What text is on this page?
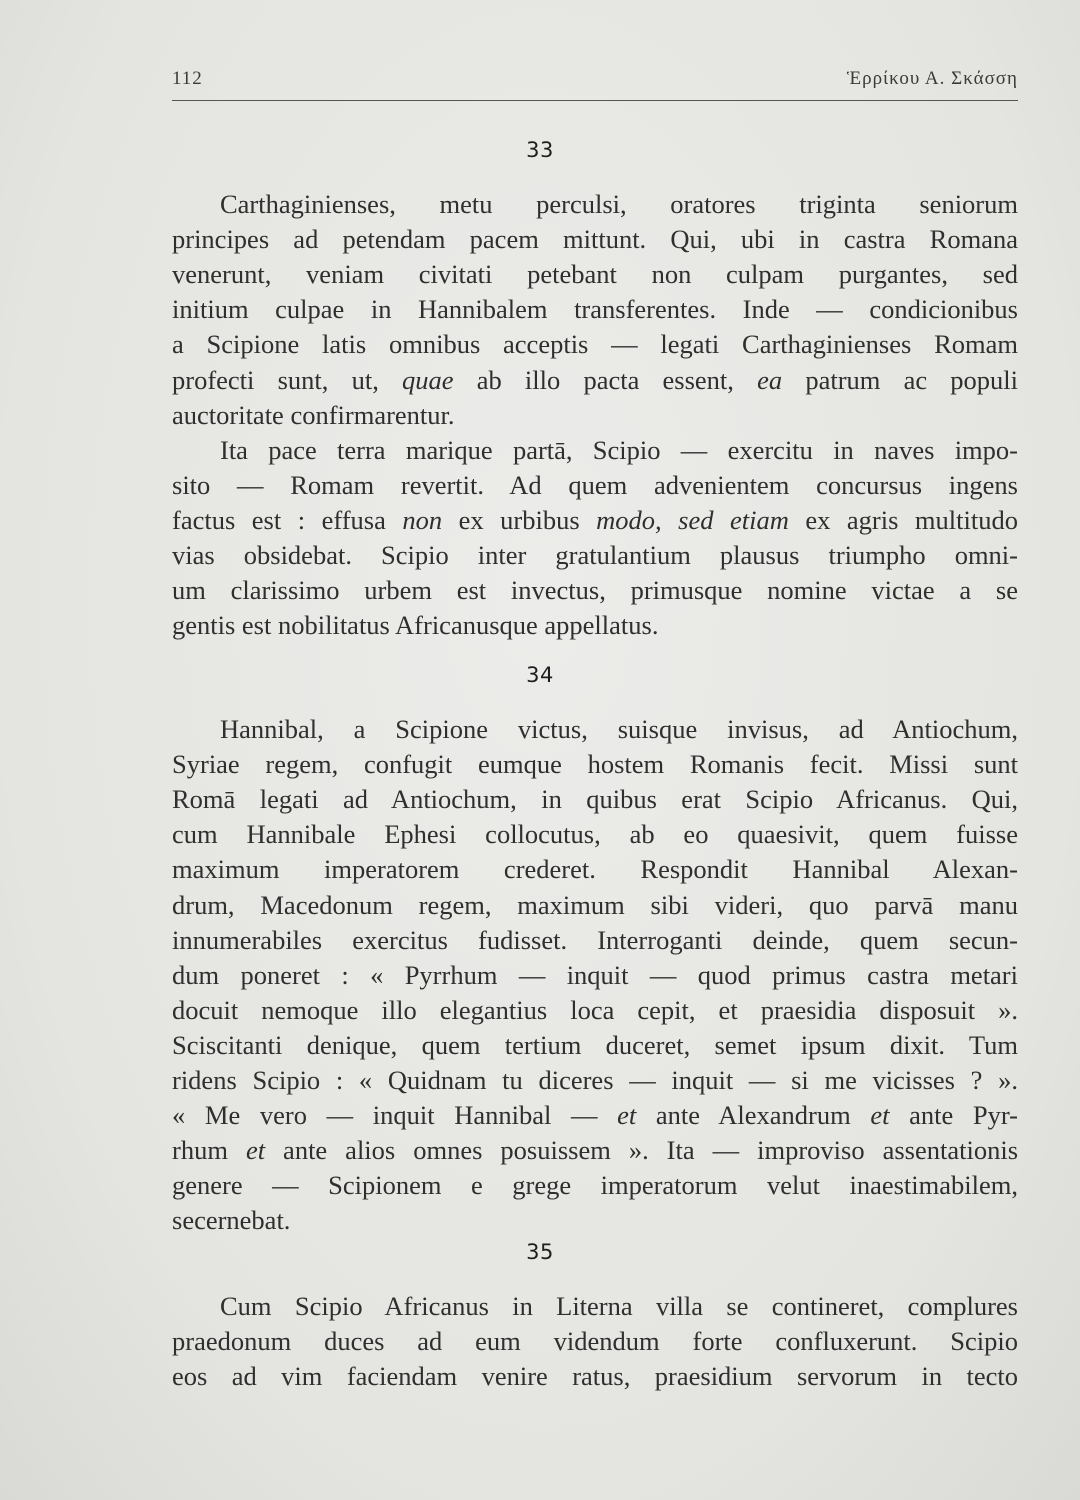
112	Ἑρρίκου Α. Σκάσση
33
Carthaginienses, metu perculsi, oratores triginta seniorum
principes ad petendam pacem mittunt. Qui, ubi in castra Romana
venerunt, veniam civitati petebant non culpam purgantes, sed
initium culpae in Hannibalem transferentes. Inde — condicionibus
a Scipione latis omnibus acceptis — legati Carthaginienses Romam
profecti sunt, ut, quae ab illo pacta essent, ea patrum ac populi
auctoritate confirmarentur.
Ita pace terra marique partā, Scipio — exercitu in naves impo-
sito — Romam revertit. Ad quem advenientem concursus ingens
factus est : effusa non ex urbibus modo, sed etiam ex agris multitudo
vias obsidebat. Scipio inter gratulantium plausus triumpho omni-
um clarissimo urbem est invectus, primusque nomine victae a se
gentis est nobilitatus Africanusque appellatus.
34
Hannibal, a Scipione victus, suisque invisus, ad Antiochum,
Syriae regem, confugit eumque hostem Romanis fecit. Missi sunt
Romā legati ad Antiochum, in quibus erat Scipio Africanus. Qui,
cum Hannibale Ephesi collocutus, ab eo quaesivit, quem fuisse
maximum imperatorem crederet. Respondit Hannibal Alexan-
drum, Macedonum regem, maximum sibi videri, quo parvā manu
innumerabiles exercitus fudisset. Interroganti deinde, quem secun-
dum poneret : « Pyrrhum — inquit — quod primus castra metari
docuit nemoque illo elegantius loca cepit, et praesidia disposuit ».
Sciscitanti denique, quem tertium duceret, semet ipsum dixit. Tum
ridens Scipio : « Quidnam tu diceres — inquit — si me vicisses ? ».
« Me vero — inquit Hannibal — et ante Alexandrum et ante Pyr-
rhum et ante alios omnes posuissem ». Ita — improviso assentationis
genere — Scipionem e grege imperatorum velut inaestimabilem,
secernebat.
35
Cum Scipio Africanus in Literna villa se contineret, complures
praedonum duces ad eum videndum forte confluxerunt. Scipio
eos ad vim faciendam venire ratus, praesidium servorum in tecto
